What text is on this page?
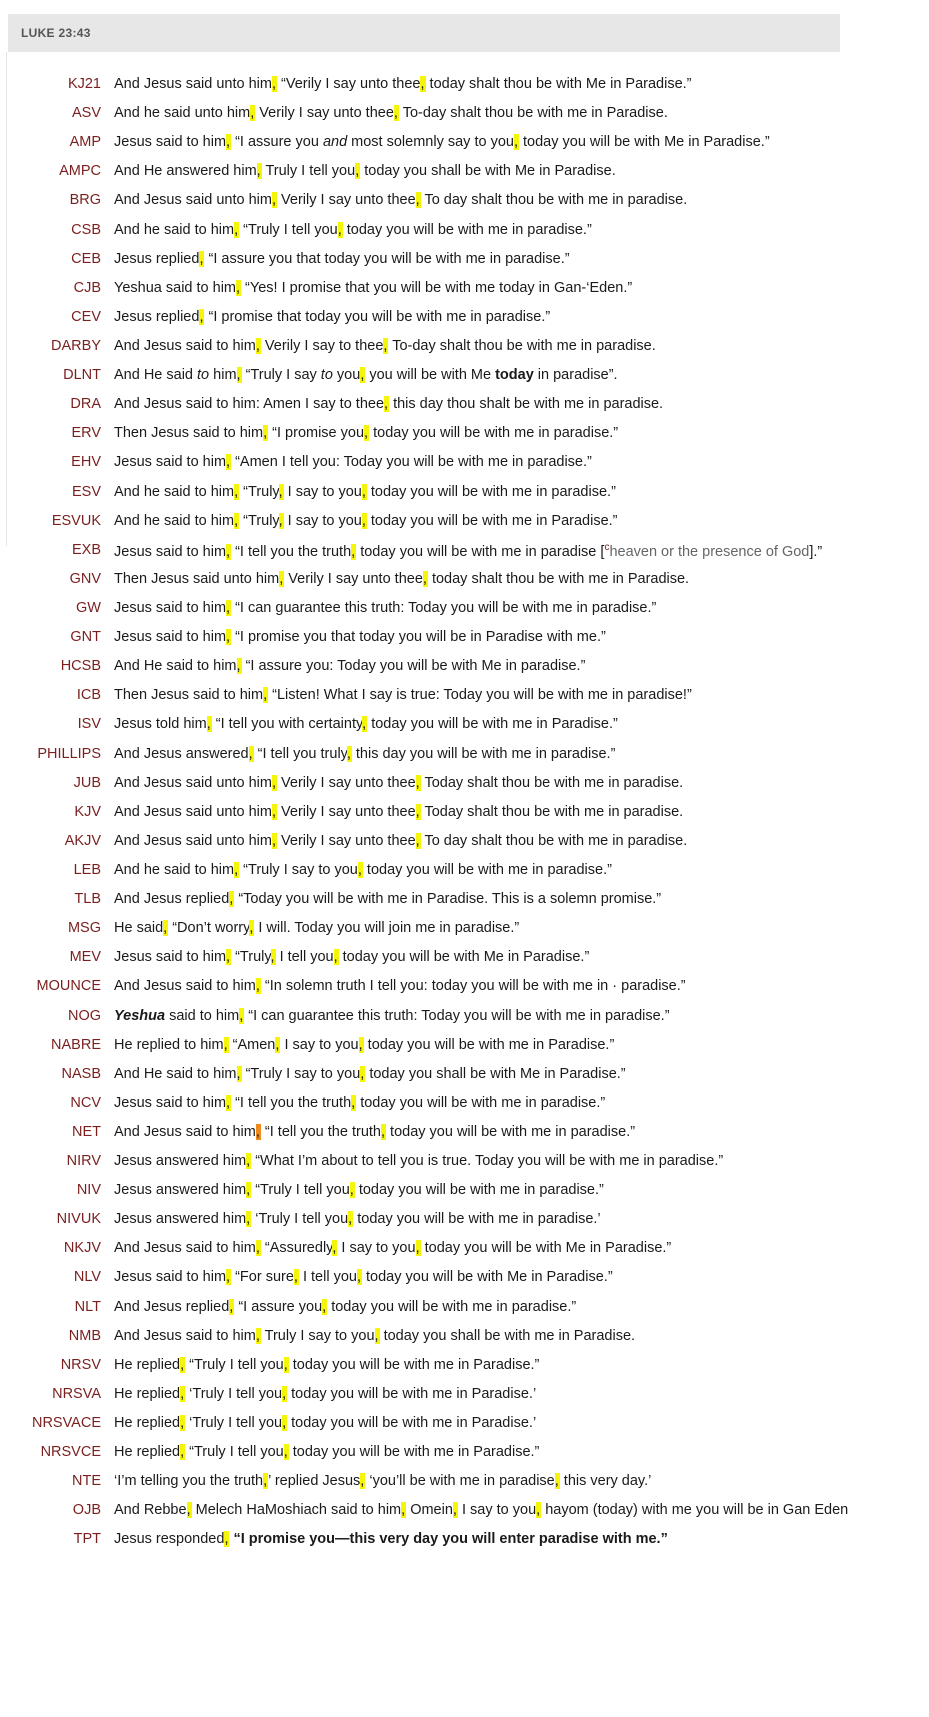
LUKE 23:43
KJ21 And Jesus said unto him, “Verily I say unto thee, today shalt thou be with Me in Paradise.”
ASV And he said unto him, Verily I say unto thee, To-day shalt thou be with me in Paradise.
AMP Jesus said to him, “I assure you and most solemnly say to you, today you will be with Me in Paradise.”
AMPC And He answered him, Truly I tell you, today you shall be with Me in Paradise.
BRG And Jesus said unto him, Verily I say unto thee, To day shalt thou be with me in paradise.
CSB And he said to him, “Truly I tell you, today you will be with me in paradise.”
CEB Jesus replied, “I assure you that today you will be with me in paradise.”
CJB Yeshua said to him, “Yes! I promise that you will be with me today in Gan-‘Eden.”
CEV Jesus replied, “I promise that today you will be with me in paradise.”
DARBY And Jesus said to him, Verily I say to thee, To-day shalt thou be with me in paradise.
DLNT And He said to him, “Truly I say to you, you will be with Me today in paradise”.
DRA And Jesus said to him: Amen I say to thee, this day thou shalt be with me in paradise.
ERV Then Jesus said to him, “I promise you, today you will be with me in paradise.”
EHV Jesus said to him, “Amen I tell you: Today you will be with me in paradise.”
ESV And he said to him, “Truly, I say to you, today you will be with me in paradise.”
ESVUK And he said to him, “Truly, I say to you, today you will be with me in Paradise.”
EXB Jesus said to him, “I tell you the truth, today you will be with me in paradise [$^c$heaven or the presence of God].”
GNV Then Jesus said unto him, Verily I say unto thee, today shalt thou be with me in Paradise.
GW Jesus said to him, “I can guarantee this truth: Today you will be with me in paradise.”
GNT Jesus said to him, “I promise you that today you will be in Paradise with me.”
HCSB And He said to him, “I assure you: Today you will be with Me in paradise.”
ICB Then Jesus said to him, “Listen! What I say is true: Today you will be with me in paradise!”
ISV Jesus told him, “I tell you with certainty, today you will be with me in Paradise.”
PHILLIPS And Jesus answered, “I tell you truly, this day you will be with me in paradise.”
JUB And Jesus said unto him, Verily I say unto thee, Today shalt thou be with me in paradise.
KJV And Jesus said unto him, Verily I say unto thee, Today shalt thou be with me in paradise.
AKJV And Jesus said unto him, Verily I say unto thee, To day shalt thou be with me in paradise.
LEB And he said to him, “Truly I say to you, today you will be with me in paradise.”
TLB And Jesus replied, “Today you will be with me in Paradise. This is a solemn promise.”
MSG He said, “Don’t worry, I will. Today you will join me in paradise.”
MEV Jesus said to him, “Truly, I tell you, today you will be with Me in Paradise.”
MOUNCE And Jesus said to him, “In solemn truth I tell you: today you will be with me in · paradise.”
NOG Yeshua said to him, “I can guarantee this truth: Today you will be with me in paradise.”
NABRE He replied to him, “Amen, I say to you, today you will be with me in Paradise.”
NASB And He said to him, “Truly I say to you, today you shall be with Me in Paradise.”
NCV Jesus said to him, “I tell you the truth, today you will be with me in paradise.”
NET And Jesus said to him, “I tell you the truth, today you will be with me in paradise.”
NIRV Jesus answered him, “What I’m about to tell you is true. Today you will be with me in paradise.”
NIV Jesus answered him, “Truly I tell you, today you will be with me in paradise.”
NIVUK Jesus answered him, ‘Truly I tell you, today you will be with me in paradise.’
NKJV And Jesus said to him, “Assuredly, I say to you, today you will be with Me in Paradise.”
NLV Jesus said to him, “For sure, I tell you, today you will be with Me in Paradise.”
NLT And Jesus replied, “I assure you, today you will be with me in paradise.”
NMB And Jesus said to him, Truly I say to you, today you shall be with me in Paradise.
NRSV He replied, “Truly I tell you, today you will be with me in Paradise.”
NRSVA He replied, ‘Truly I tell you, today you will be with me in Paradise.’
NRSVACE He replied, ‘Truly I tell you, today you will be with me in Paradise.’
NRSVCE He replied, “Truly I tell you, today you will be with me in Paradise.”
NTE ‘I’m telling you the truth,’ replied Jesus, ‘you’ll be with me in paradise, this very day.’
OJB And Rebbe, Melech HaMoshiach said to him, Omein, I say to you, hayom (today) with me you will be in Gan Eden
TPT Jesus responded, “I promise you—this very day you will enter paradise with me.”
